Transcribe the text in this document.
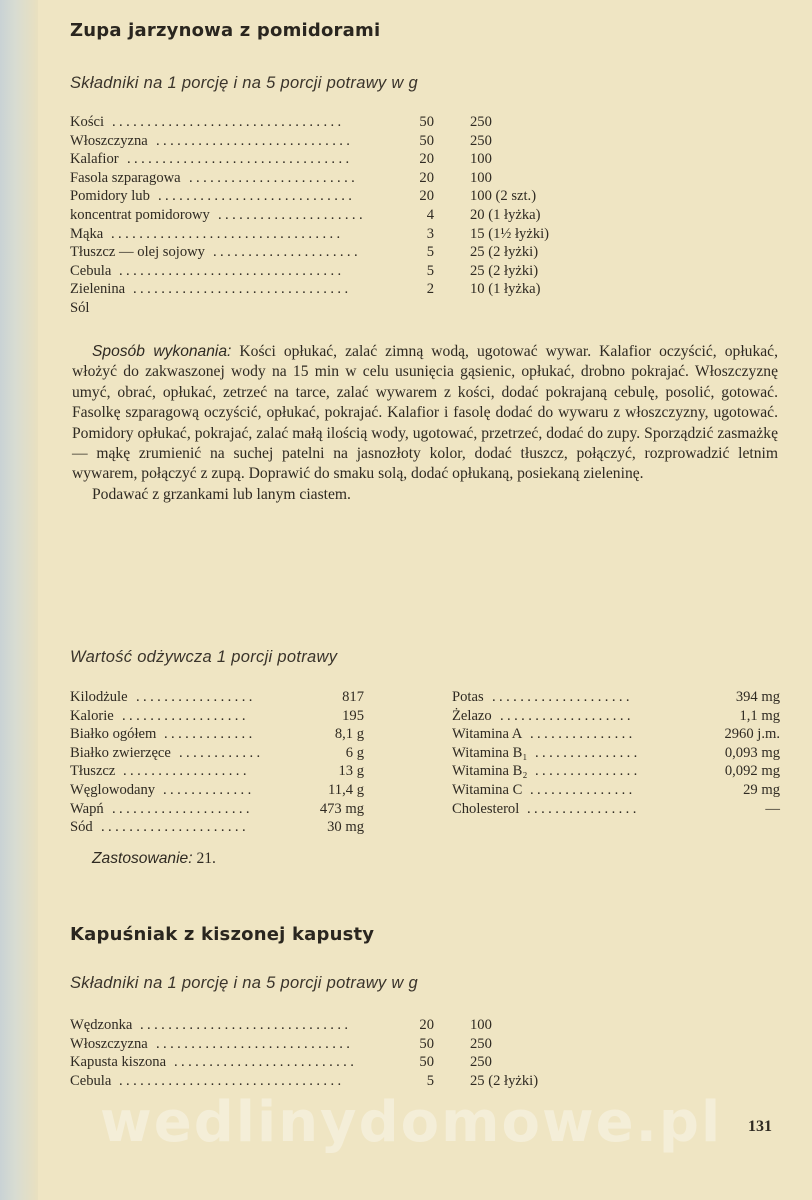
Zupa jarzynowa z pomidorami
Składniki na 1 porcję i na 5 porcji potrawy w g
Kości .................................	50 250
Włoszczyzna ............................	50 250
Kalafior ................................	20 100
Fasola szparagowa ........................	20 100
Pomidory lub ............................	20 100 (2 szt.)
koncentrat pomidorowy .....................	4 20 (1 łyżka)
Mąka .................................	3 15 (1½ łyżki)
Tłuszcz — olej sojowy .....................	5 25 (2 łyżki)
Cebula ................................	5 25 (2 łyżki)
Zielenina ...............................	2 10 (1 łyżka)
Sól

Sposób wykonania: Kości opłukać, zalać zimną wodą, ugotować wywar. Kalafior oczyścić, opłukać, włożyć do zakwaszonej wody na 15 min w celu usunięcia gąsienic, opłukać, drobno pokrajać. Włoszczyznę umyć, obrać, opłukać, zetrzeć na tarce, zalać wywarem z kości, dodać pokrajaną cebulę, posolić, gotować. Fasolkę szparagową oczyścić, opłukać, pokrajać. Kalafior i fasolę dodać do wywaru z włoszczyzny, ugotować. Pomidory opłukać, pokrajać, zalać małą ilością wody, ugotować, przetrzeć, dodać do zupy. Sporządzić zasmażkę — mąkę zrumienić na suchej patelni na jasnozłoty kolor, dodać tłuszcz, połączyć, rozprowadzić letnim wywarem, połączyć z zupą. Doprawić do smaku solą, dodać opłukaną, posiekaną zieleninę.

Podawać z grzankami lub lanym ciastem.

Wartość odżywcza 1 porcji potrawy
Kilodżule .................	817
Kalorie ..................	195
Białko ogółem .............	8,1 g
Białko zwierzęce ............	6 g
Tłuszcz ..................	13 g
Węglowodany .............	11,4 g
Wapń ....................	473 mg
Sód .....................	30 mg
Potas ....................	394 mg
Żelazo ...................	1,1 mg
Witamina A ...............	2960 j.m.
Witamina B₁ ...............	0,093 mg
Witamina B₂ ...............	0,092 mg
Witamina C ...............	29 mg
Cholesterol ................	—
Zastosowanie: 21.
Kapuśniak z kiszonej kapusty
Składniki na 1 porcję i na 5 porcji potrawy w g
Wędzonka ..............................	20 100
Włoszczyzna ............................	50 250
Kapusta kiszona ..........................	50 250
Cebula ................................	5 25 (2 łyżki)
wedlinydomowe.pl 131
